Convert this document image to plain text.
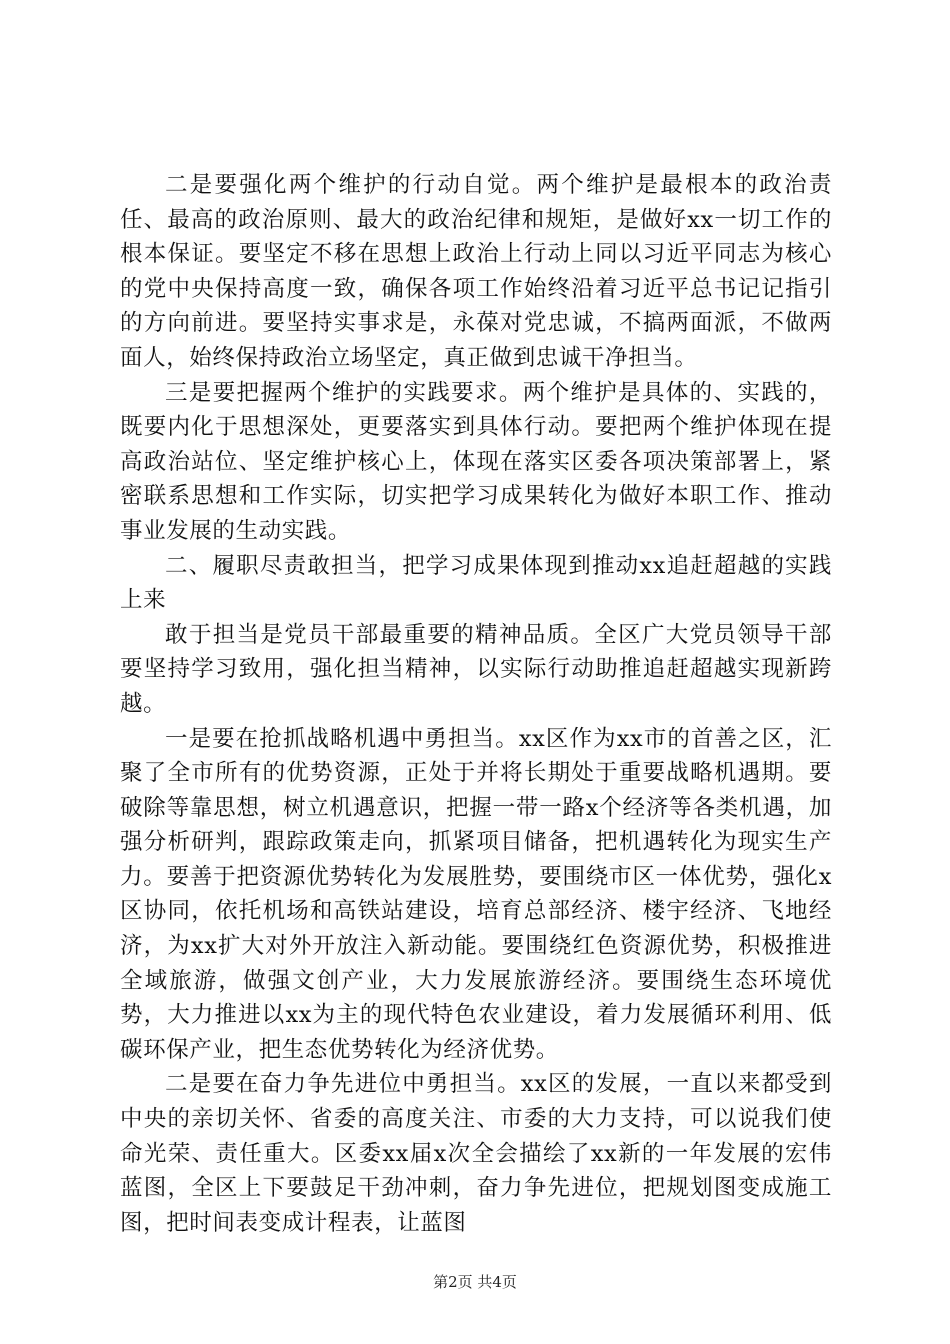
二是要强化两个维护的行动自觉。两个维护是最根本的政治责任、最高的政治原则、最大的政治纪律和规矩，是做好xx一切工作的根本保证。要坚定不移在思想上政治上行动上同以习近平同志为核心的党中央保持高度一致，确保各项工作始终沿着习近平总书记记指引的方向前进。要坚持实事求是，永葆对党忠诚，不搞两面派，不做两面人，始终保持政治立场坚定，真正做到忠诚干净担当。

三是要把握两个维护的实践要求。两个维护是具体的、实践的，既要内化于思想深处，更要落实到具体行动。要把两个维护体现在提高政治站位、坚定维护核心上，体现在落实区委各项决策部署上，紧密联系思想和工作实际，切实把学习成果转化为做好本职工作、推动事业发展的生动实践。

二、履职尽责敢担当，把学习成果体现到推动xx追赶超越的实践上来

敢于担当是党员干部最重要的精神品质。全区广大党员领导干部要坚持学习致用，强化担当精神，以实际行动助推追赶超越实现新跨越。

一是要在抢抓战略机遇中勇担当。xx区作为xx市的首善之区，汇聚了全市所有的优势资源，正处于并将长期处于重要战略机遇期。要破除等靠思想，树立机遇意识，把握一带一路x个经济等各类机遇，加强分析研判，跟踪政策走向，抓紧项目储备，把机遇转化为现实生产力。要善于把资源优势转化为发展胜势，要围绕市区一体优势，强化x区协同，依托机场和高铁站建设，培育总部经济、楼宇经济、飞地经济，为xx扩大对外开放注入新动能。要围绕红色资源优势，积极推进全域旅游，做强文创产业，大力发展旅游经济。要围绕生态环境优势，大力推进以xx为主的现代特色农业建设，着力发展循环利用、低碳环保产业，把生态优势转化为经济优势。

二是要在奋力争先进位中勇担当。xx区的发展，一直以来都受到中央的亲切关怀、省委的高度关注、市委的大力支持，可以说我们使命光荣、责任重大。区委xx届x次全会描绘了xx新的一年发展的宏伟蓝图，全区上下要鼓足干劲冲刺，奋力争先进位，把规划图变成施工图，把时间表变成计程表，让蓝图

第2页 共4页
